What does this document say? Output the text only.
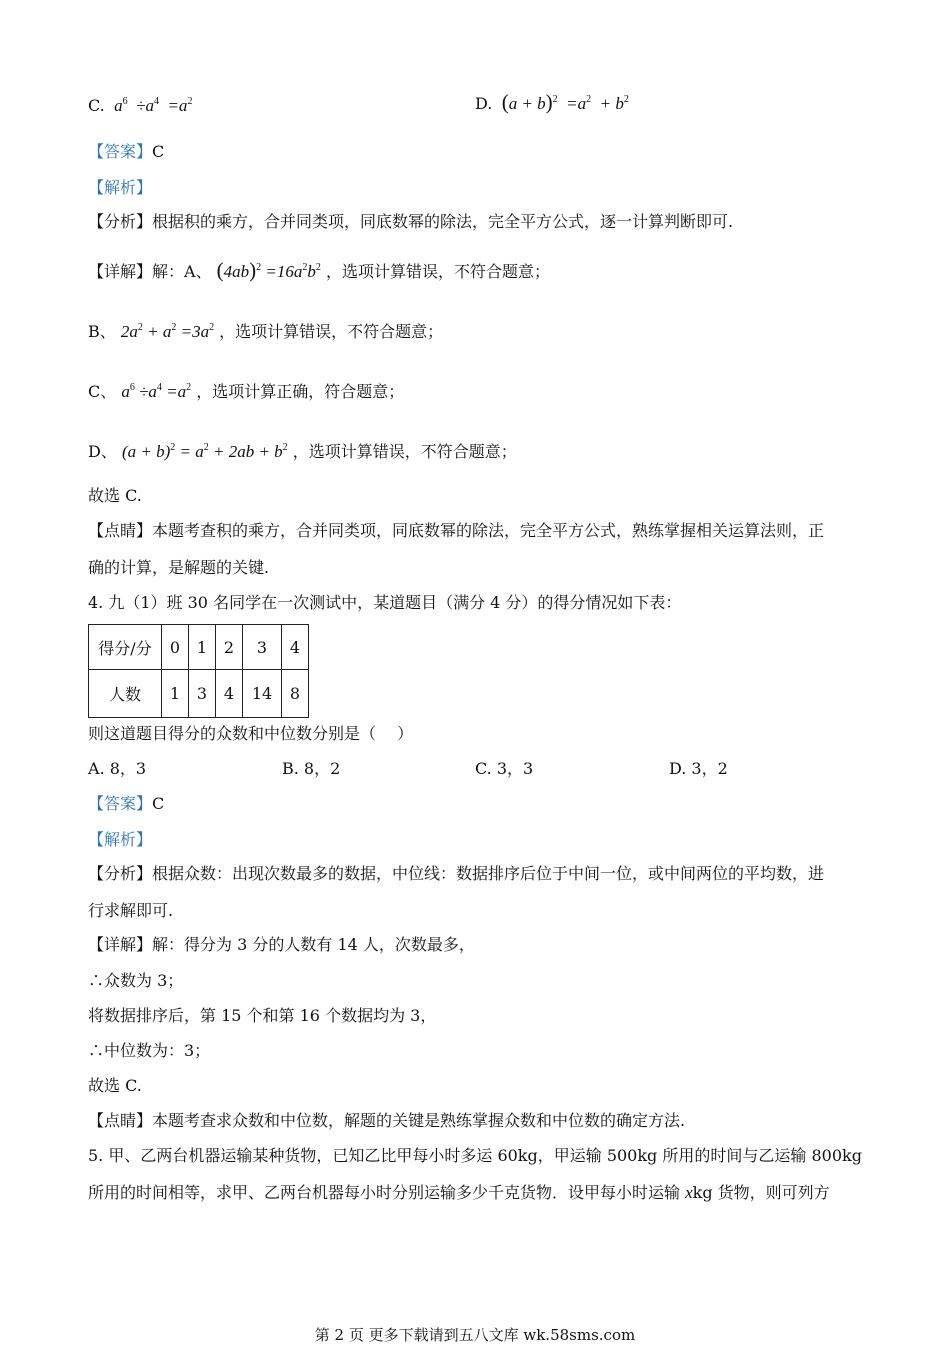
C.  $a^6 \div a^4 =a^2$	D. $(a + b)^2 =a^2 + b^2$
【答案】C
【解析】
【分析】根据积的乘方，合并同类项，同底数幂的除法，完全平方公式，逐一计算判断即可.
【详解】解：A、 $(4ab)^2 =16a^2b^2$ ，选项计算错误，不符合题意；
B、 $2a^2 + a^2 =3a^2$ ，选项计算错误，不符合题意；
C、 $a^6 \div a^4 =a^2$ ，选项计算正确，符合题意；
D、 $(a + b)^2 = a^2 + 2ab + b^2$ ，选项计算错误，不符合题意；
故选 C.
【点睛】本题考查积的乘方，合并同类项，同底数幂的除法，完全平方公式，熟练掌握相关运算法则，正
确的计算，是解题的关键.
4. 九（1）班 30 名同学在一次测试中，某道题目（满分 4 分）的得分情况如下表：
得分/分	0	1	2	3	4
人数	1	3	4	14	8
则这道题目得分的众数和中位数分别是（　 ）
A. 8，3	B. 8，2	C. 3，3	D. 3，2
【答案】C
【解析】
【分析】根据众数：出现次数最多的数据，中位线：数据排序后位于中间一位，或中间两位的平均数，进
行求解即可.
【详解】解：得分为 3 分的人数有 14 人，次数最多，
∴众数为 3；
将数据排序后，第 15 个和第 16 个数据均为 3，
∴中位数为：3；
故选 C.
【点睛】本题考查求众数和中位数，解题的关键是熟练掌握众数和中位数的确定方法.
5. 甲、乙两台机器运输某种货物，已知乙比甲每小时多运 60kg，甲运输 500kg 所用的时间与乙运输 800kg
所用的时间相等，求甲、乙两台机器每小时分别运输多少千克货物．设甲每小时运输 xkg 货物，则可列方
第 2 页 更多下载请到五八文库 wk.58sms.com
